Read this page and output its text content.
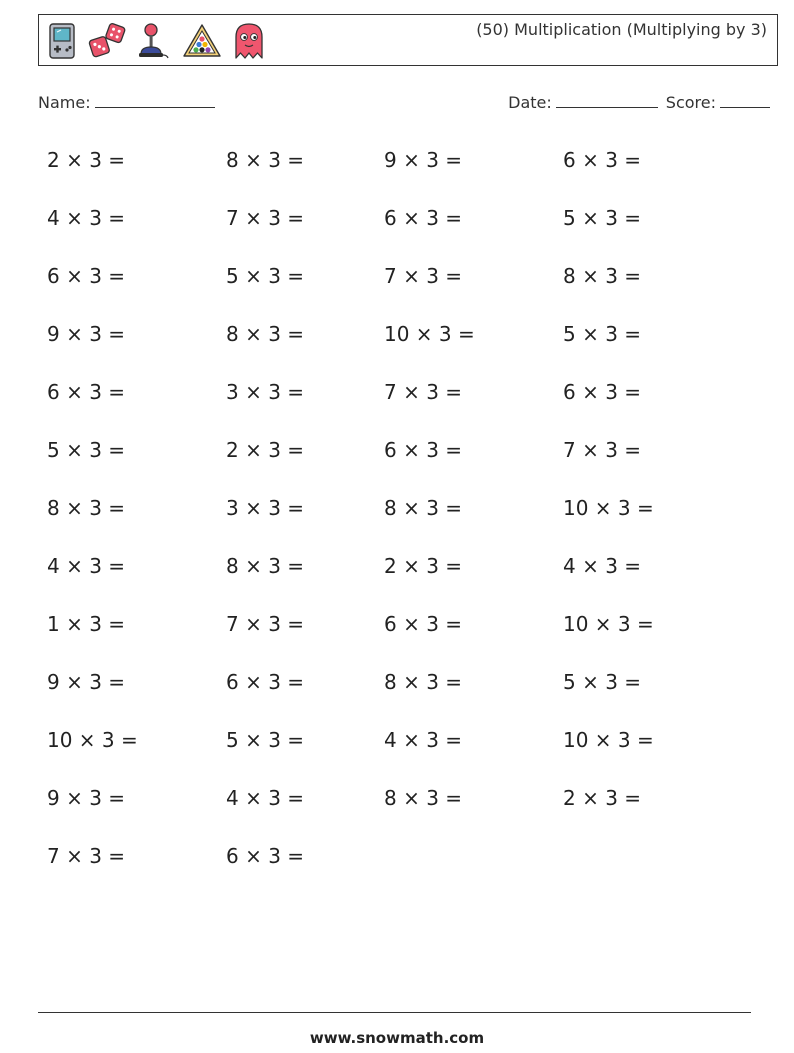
(50) Multiplication (Multiplying by 3)
Name:	Date:	Score:
2 × 3 =	8 × 3 =	9 × 3 =	6 × 3 =
4 × 3 =	7 × 3 =	6 × 3 =	5 × 3 =
6 × 3 =	5 × 3 =	7 × 3 =	8 × 3 =
9 × 3 =	8 × 3 =	10 × 3 =	5 × 3 =
6 × 3 =	3 × 3 =	7 × 3 =	6 × 3 =
5 × 3 =	2 × 3 =	6 × 3 =	7 × 3 =
8 × 3 =	3 × 3 =	8 × 3 =	10 × 3 =
4 × 3 =	8 × 3 =	2 × 3 =	4 × 3 =
1 × 3 =	7 × 3 =	6 × 3 =	10 × 3 =
9 × 3 =	6 × 3 =	8 × 3 =	5 × 3 =
10 × 3 =	5 × 3 =	4 × 3 =	10 × 3 =
9 × 3 =	4 × 3 =	8 × 3 =	2 × 3 =
7 × 3 =	6 × 3 =
www.snowmath.com
